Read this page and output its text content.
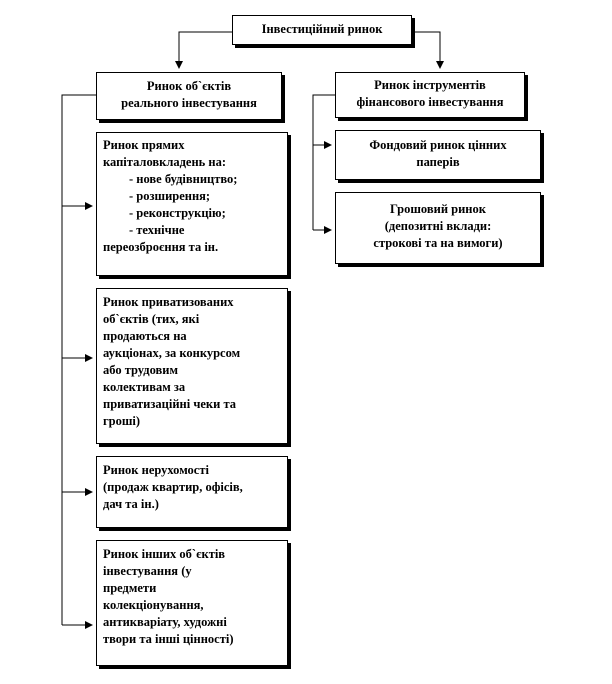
Інвестиційний ринок
Ринок об`єктів
реального інвестування
Ринок інструментів
фінансового інвестування
Ринок прямих
капіталовкладень на:
- нове будівництво;
- розширення;
- реконструкцію;
- технічне
переозброєння та ін.
Ринок приватизованих
об`єктів (тих, які
продаються на
аукціонах, за конкурсом
або трудовим
колективам за
приватизаційні чеки та
гроші)
Ринок нерухомості
(продаж квартир, офісів,
дач та ін.)
Ринок інших об`єктів
інвестування (у
предмети
колекціонування,
антикваріату, художні
твори та інші цінності)
Фондовий ринок цінних
паперів
Грошовий ринок
(депозитні вклади:
строкові та на вимоги)
